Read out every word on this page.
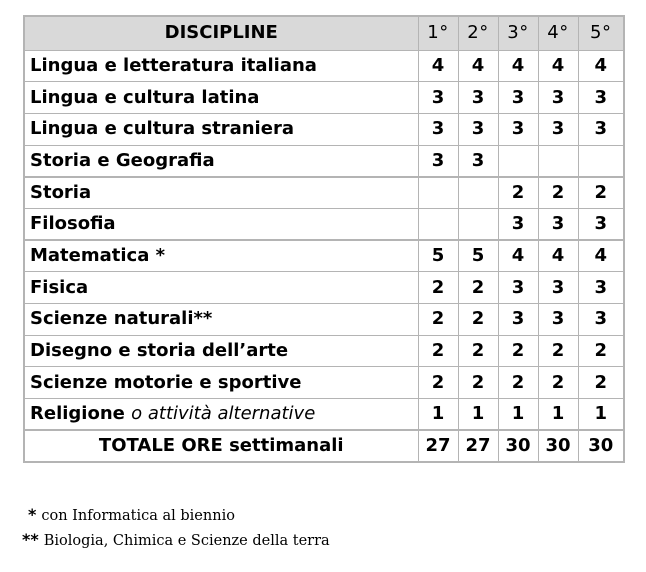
DISCIPLINE	1°	2°	3°	4°	5°
Lingua e letteratura italiana	4	4	4	4	4
Lingua e cultura latina	3	3	3	3	3
Lingua e cultura straniera	3	3	3	3	3
Storia e Geografia	3	3			
Storia			2	2	2
Filosofia			3	3	3
Matematica *	5	5	4	4	4
Fisica	2	2	3	3	3
Scienze naturali**	2	2	3	3	3
Disegno e storia dell’arte	2	2	2	2	2
Scienze motorie e sportive	2	2	2	2	2
Religione o attività alternative	1	1	1	1	1
TOTALE ORE settimanali	27	27	30	30	30
* con Informatica al biennio
** Biologia, Chimica e Scienze della terra
